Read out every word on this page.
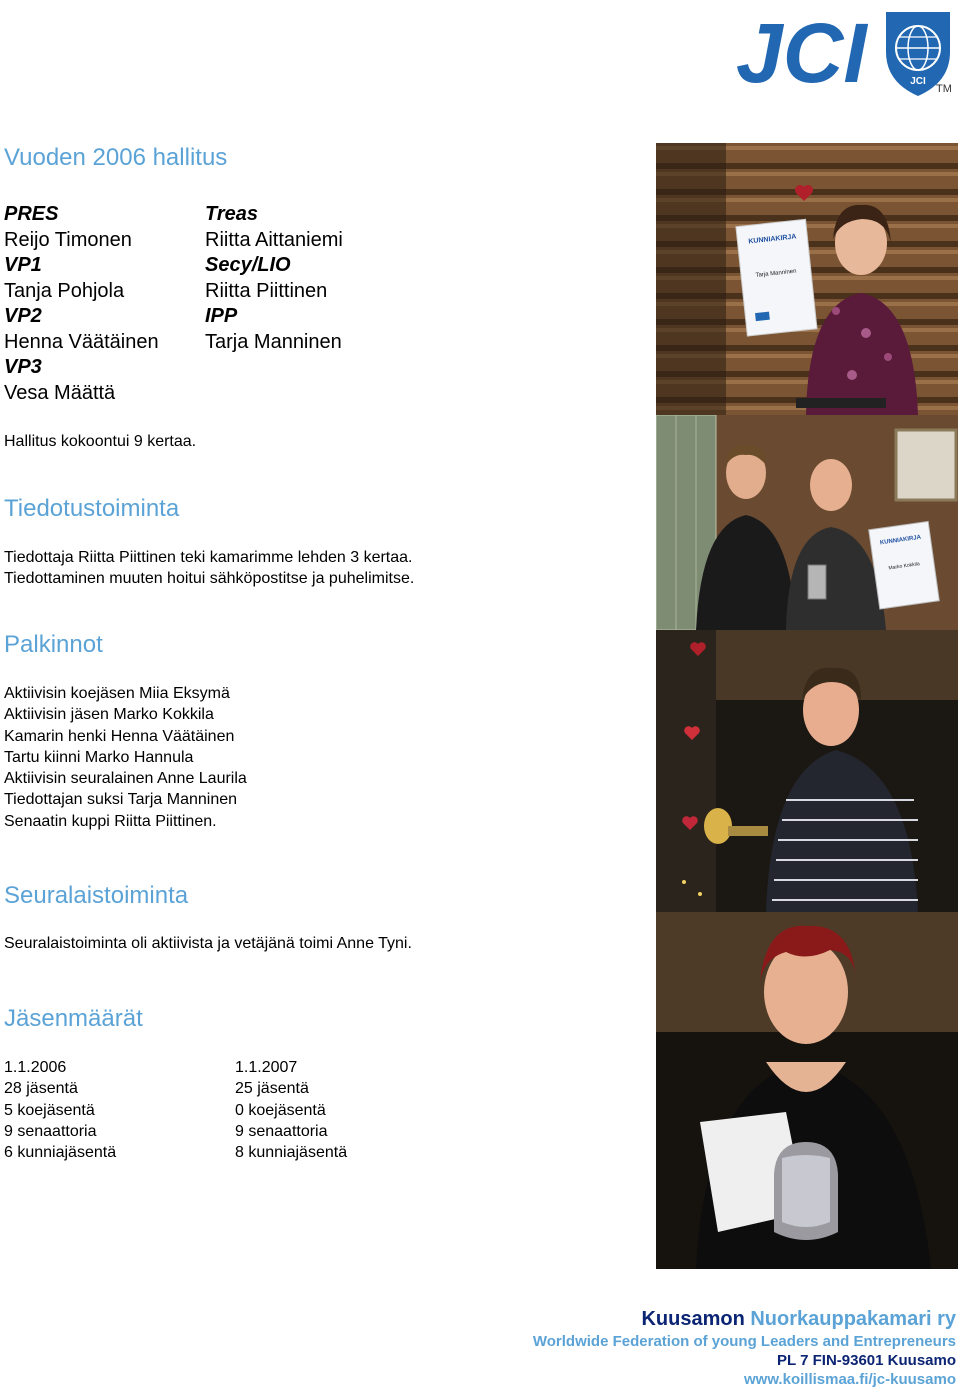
JCI	JCI
TM
Vuoden 2006 hallitus
PRES
Reijo Timonen
VP1
Tanja Pohjola
VP2
Henna Väätäinen
VP3
Vesa Määttä
Treas
Riitta Aittaniemi
Secy/LIO
Riitta Piittinen
IPP
Tarja Manninen
Hallitus kokoontui 9 kertaa.
Tiedotustoiminta
Tiedottaja Riitta Piittinen teki kamarimme lehden 3 kertaa.
Tiedottaminen muuten hoitui sähköpostitse ja puhelimitse.
Palkinnot
Aktiivisin koejäsen Miia Eksymä
Aktiivisin jäsen Marko Kokkila
Kamarin henki Henna Väätäinen
Tartu kiinni Marko Hannula
Aktiivisin seuralainen Anne Laurila
Tiedottajan suksi Tarja Manninen
Senaatin kuppi Riitta Piittinen.
Seuralaistoiminta
Seuralaistoiminta oli aktiivista ja vetäjänä toimi Anne Tyni.
Jäsenmäärät
1.1.2006
28 jäsentä
5 koejäsentä
9 senaattoria
6 kunniajäsentä
1.1.2007
25 jäsentä
0 koejäsentä
9 senaattoria
8 kunniajäsentä
KUNNIAKIRJA
Tarja Manninen
KUNNIAKIRJA
Marko Kokkila
Kuusamon Nuorkauppakamari ry
Worldwide Federation of young Leaders and Entrepreneurs
PL 7 FIN-93601 Kuusamo
www.koillismaa.fi/jc-kuusamo
